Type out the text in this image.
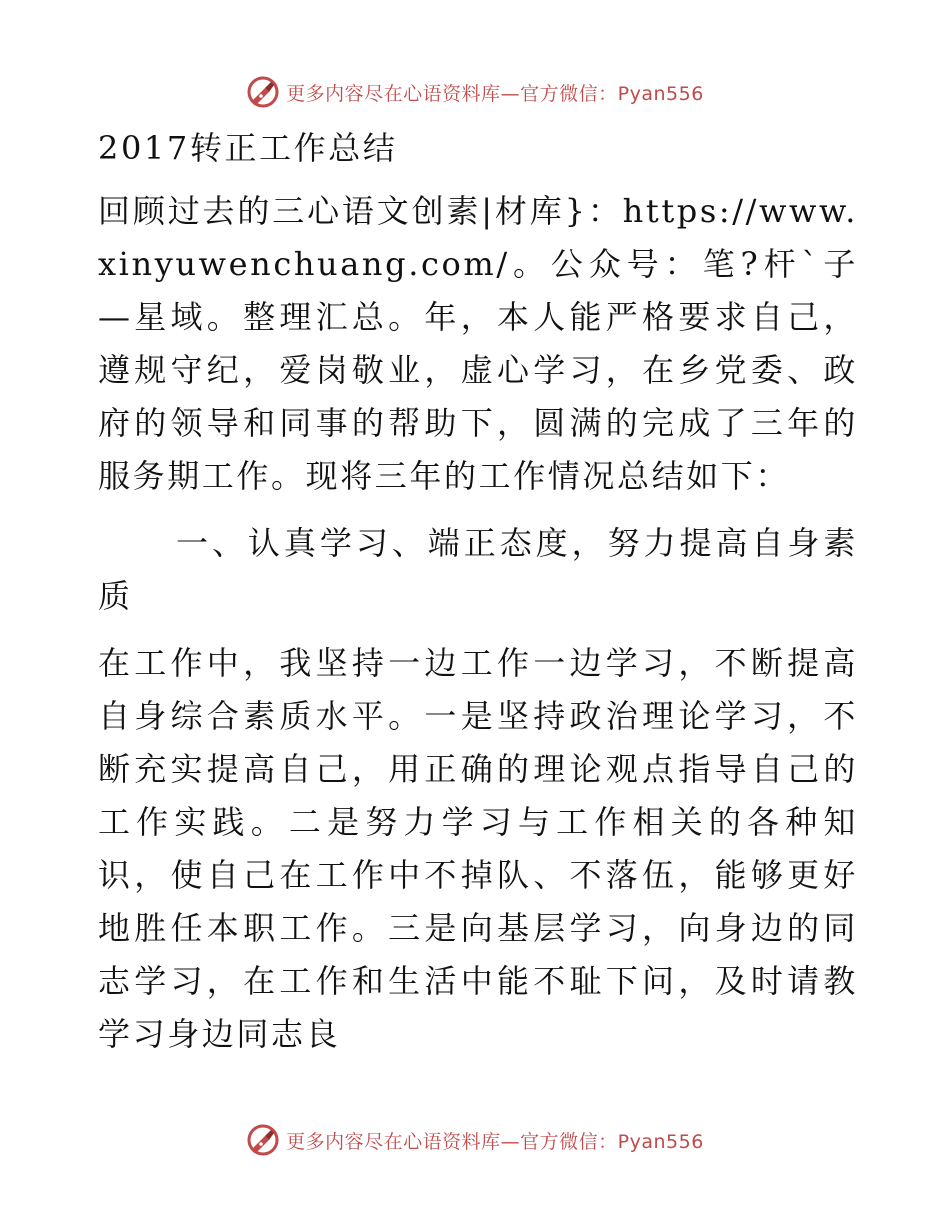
更多内容尽在心语资料库—官方微信：Pyan556

2017转正工作总结

回顾过去的三心语文创素|材库}：https://www.xinyuwenchuang.com/。公众号：笔?杆`子—星域。整理汇总。年，本人能严格要求自己，遵规守纪，爱岗敬业，虚心学习，在乡党委、政府的领导和同事的帮助下，圆满的完成了三年的服务期工作。现将三年的工作情况总结如下：

一、认真学习、端正态度，努力提高自身素质

在工作中，我坚持一边工作一边学习，不断提高自身综合素质水平。一是坚持政治理论学习，不断充实提高自己，用正确的理论观点指导自己的工作实践。二是努力学习与工作相关的各种知识，使自己在工作中不掉队、不落伍，能够更好地胜任本职工作。三是向基层学习，向身边的同志学习，在工作和生活中能不耻下问，及时请教学习身边同志良

更多内容尽在心语资料库—官方微信：Pyan556
